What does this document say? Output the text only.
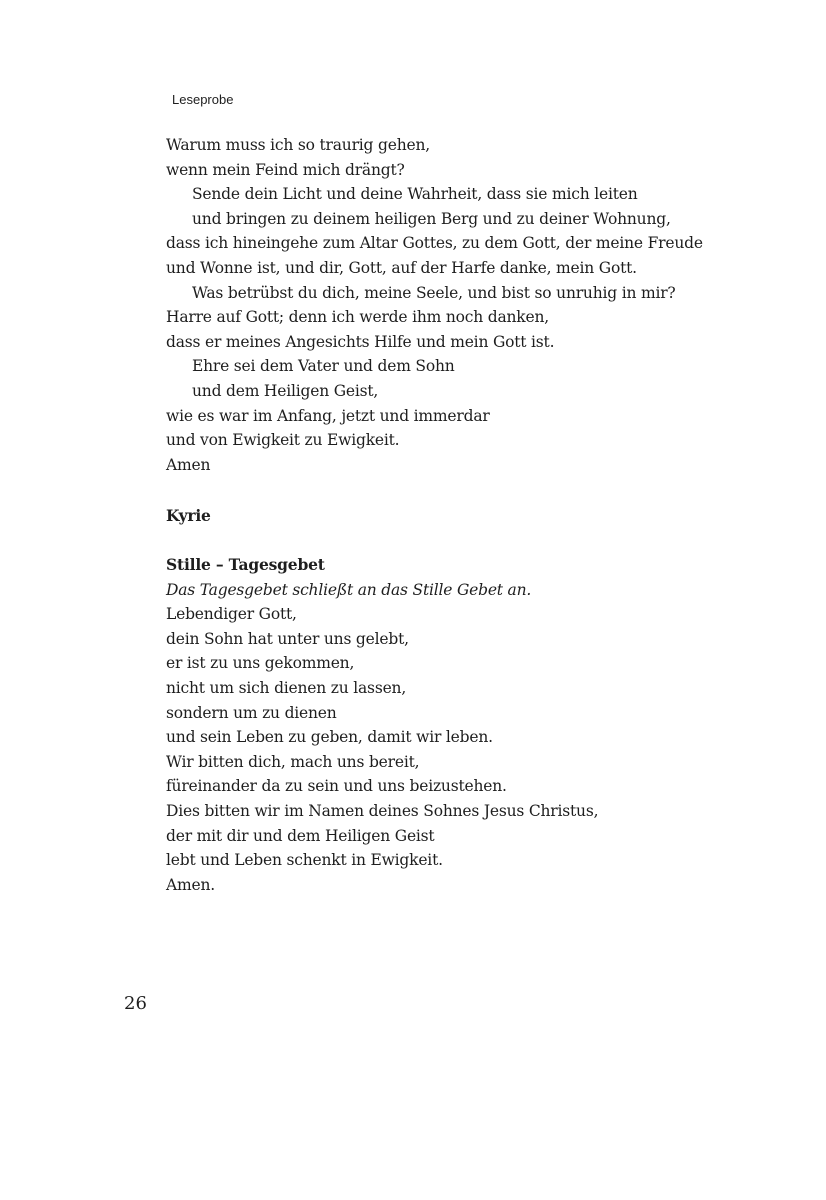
Leseprobe
Warum muss ich so traurig gehen,
wenn mein Feind mich drängt?
Sende dein Licht und deine Wahrheit, dass sie mich leiten
und bringen zu deinem heiligen Berg und zu deiner Wohnung,
dass ich hineingehe zum Altar Gottes, zu dem Gott, der meine Freude
und Wonne ist, und dir, Gott, auf der Harfe danke, mein Gott.
Was betrübst du dich, meine Seele, und bist so unruhig in mir?
Harre auf Gott; denn ich werde ihm noch danken,
dass er meines Angesichts Hilfe und mein Gott ist.
Ehre sei dem Vater und dem Sohn
und dem Heiligen Geist,
wie es war im Anfang, jetzt und immerdar
und von Ewigkeit zu Ewigkeit.
Amen
Kyrie
Stille – Tagesgebet
Das Tagesgebet schließt an das Stille Gebet an.
Lebendiger Gott,
dein Sohn hat unter uns gelebt,
er ist zu uns gekommen,
nicht um sich dienen zu lassen,
sondern um zu dienen
und sein Leben zu geben, damit wir leben.
Wir bitten dich, mach uns bereit,
füreinander da zu sein und uns beizustehen.
Dies bitten wir im Namen deines Sohnes Jesus Christus,
der mit dir und dem Heiligen Geist
lebt und Leben schenkt in Ewigkeit.
Amen.
26
